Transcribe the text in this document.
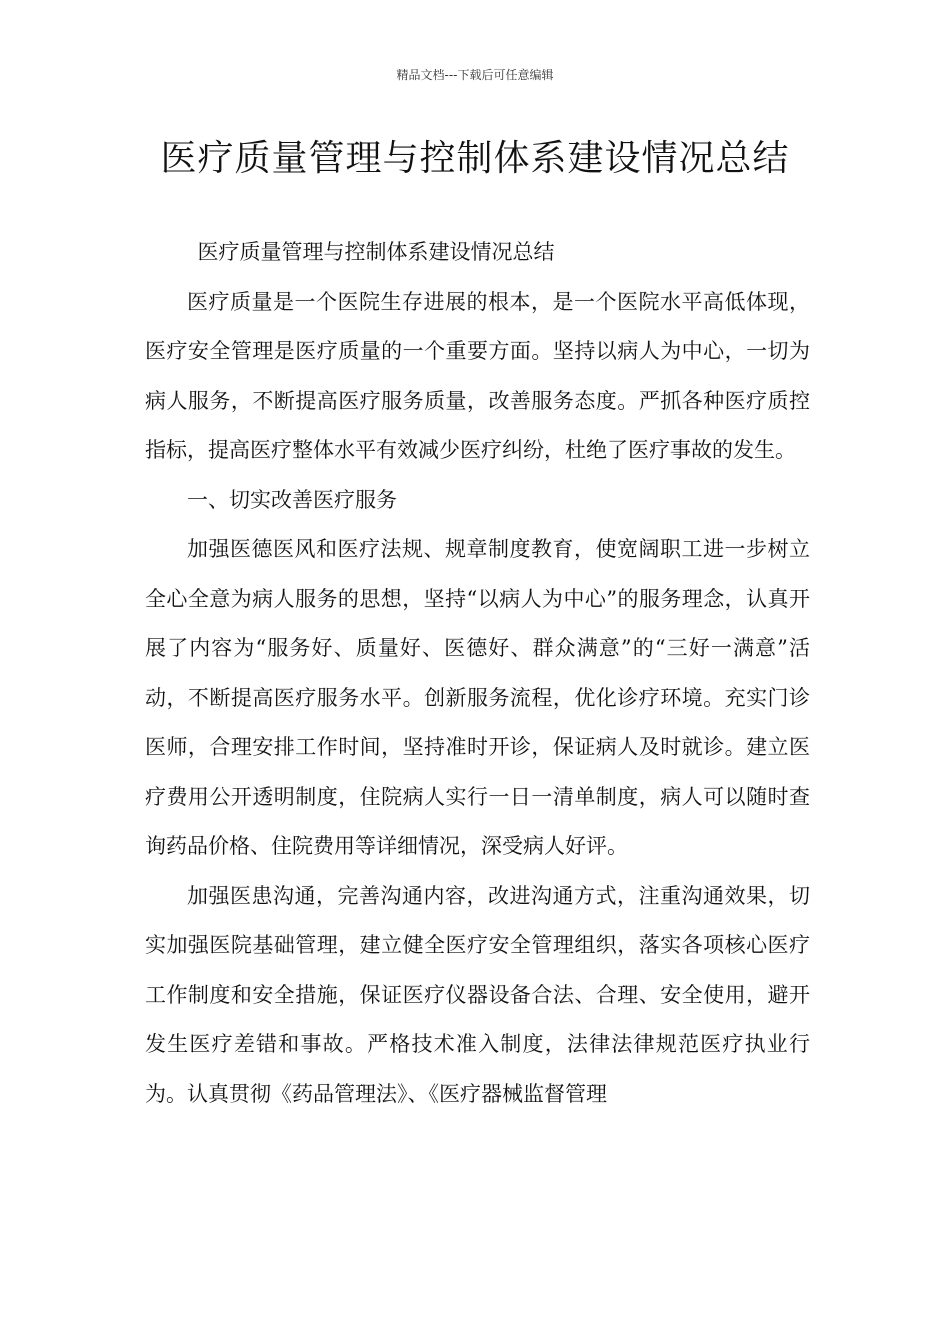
精品文档---下载后可任意编辑
医疗质量管理与控制体系建设情况总结

医疗质量管理与控制体系建设情况总结

医疗质量是一个医院生存进展的根本，是一个医院水平高低体现，医疗安全管理是医疗质量的一个重要方面。坚持以病人为中心，一切为病人服务，不断提高医疗服务质量，改善服务态度。严抓各种医疗质控指标，提高医疗整体水平有效减少医疗纠纷，杜绝了医疗事故的发生。

一、切实改善医疗服务

加强医德医风和医疗法规、规章制度教育，使宽阔职工进一步树立全心全意为病人服务的思想，坚持“以病人为中心”的服务理念，认真开展了内容为“服务好、质量好、医德好、群众满意”的“三好一满意”活动，不断提高医疗服务水平。创新服务流程，优化诊疗环境。充实门诊医师，合理安排工作时间，坚持准时开诊，保证病人及时就诊。建立医疗费用公开透明制度，住院病人实行一日一清单制度，病人可以随时查询药品价格、住院费用等详细情况，深受病人好评。

加强医患沟通，完善沟通内容，改进沟通方式，注重沟通效果，切实加强医院基础管理，建立健全医疗安全管理组织，落实各项核心医疗工作制度和安全措施，保证医疗仪器设备合法、合理、安全使用，避开发生医疗差错和事故。严格技术准入制度，法律法律规范医疗执业行为。认真贯彻《药品管理法》、《医疗器械监督管理
